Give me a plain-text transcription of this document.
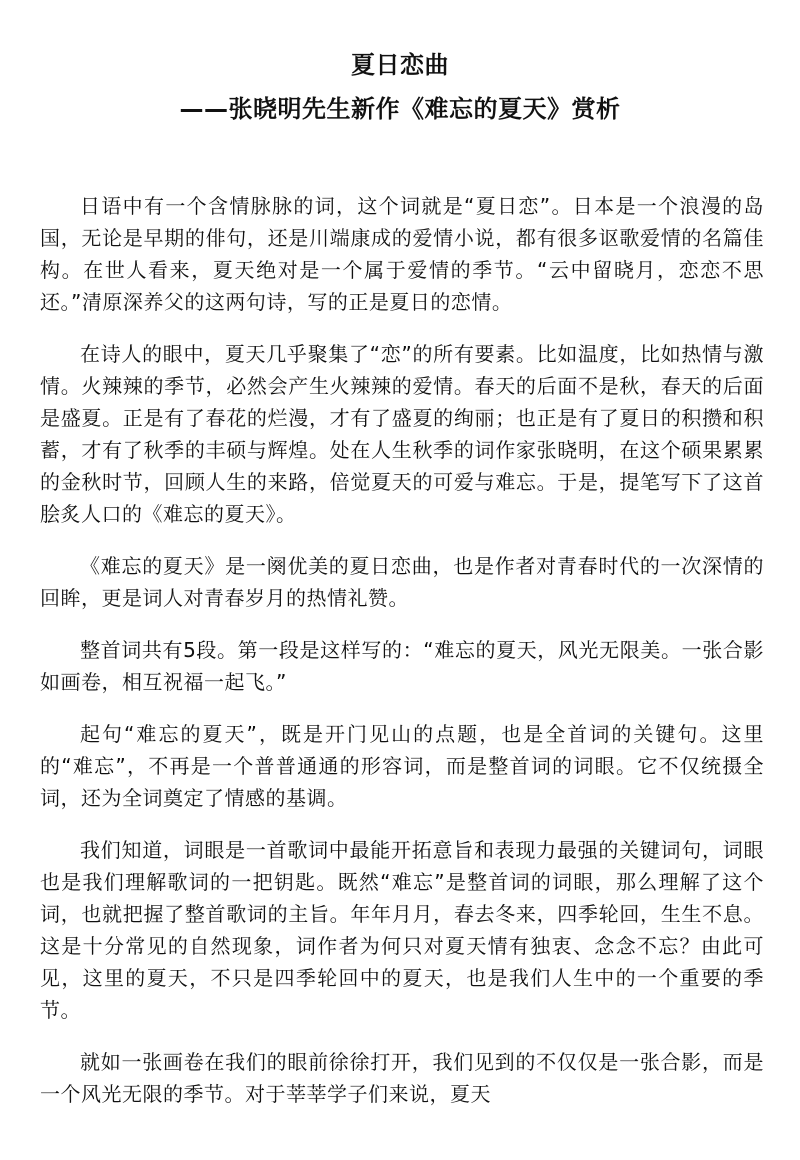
夏日恋曲
——张晓明先生新作《难忘的夏天》赏析

日语中有一个含情脉脉的词，这个词就是“夏日恋”。日本是一个浪漫的岛国，无论是早期的俳句，还是川端康成的爱情小说，都有很多讴歌爱情的名篇佳构。在世人看来，夏天绝对是一个属于爱情的季节。“云中留晓月，恋恋不思还。”清原深养父的这两句诗，写的正是夏日的恋情。

在诗人的眼中，夏天几乎聚集了“恋”的所有要素。比如温度，比如热情与激情。火辣辣的季节，必然会产生火辣辣的爱情。春天的后面不是秋，春天的后面是盛夏。正是有了春花的烂漫，才有了盛夏的绚丽；也正是有了夏日的积攒和积蓄，才有了秋季的丰硕与辉煌。处在人生秋季的词作家张晓明，在这个硕果累累的金秋时节，回顾人生的来路，倍觉夏天的可爱与难忘。于是，提笔写下了这首脍炙人口的《难忘的夏天》。

《难忘的夏天》是一阕优美的夏日恋曲，也是作者对青春时代的一次深情的回眸，更是词人对青春岁月的热情礼赞。

整首词共有5段。第一段是这样写的：“难忘的夏天，风光无限美。一张合影如画卷，相互祝福一起飞。”

起句“难忘的夏天”，既是开门见山的点题，也是全首词的关键句。这里的“难忘”，不再是一个普普通通的形容词，而是整首词的词眼。它不仅统摄全词，还为全词奠定了情感的基调。

我们知道，词眼是一首歌词中最能开拓意旨和表现力最强的关键词句，词眼也是我们理解歌词的一把钥匙。既然“难忘”是整首词的词眼，那么理解了这个词，也就把握了整首歌词的主旨。年年月月，春去冬来，四季轮回，生生不息。这是十分常见的自然现象，词作者为何只对夏天情有独衷、念念不忘？由此可见，这里的夏天，不只是四季轮回中的夏天，也是我们人生中的一个重要的季节。

就如一张画卷在我们的眼前徐徐打开，我们见到的不仅仅是一张合影，而是一个风光无限的季节。对于莘莘学子们来说，夏天
